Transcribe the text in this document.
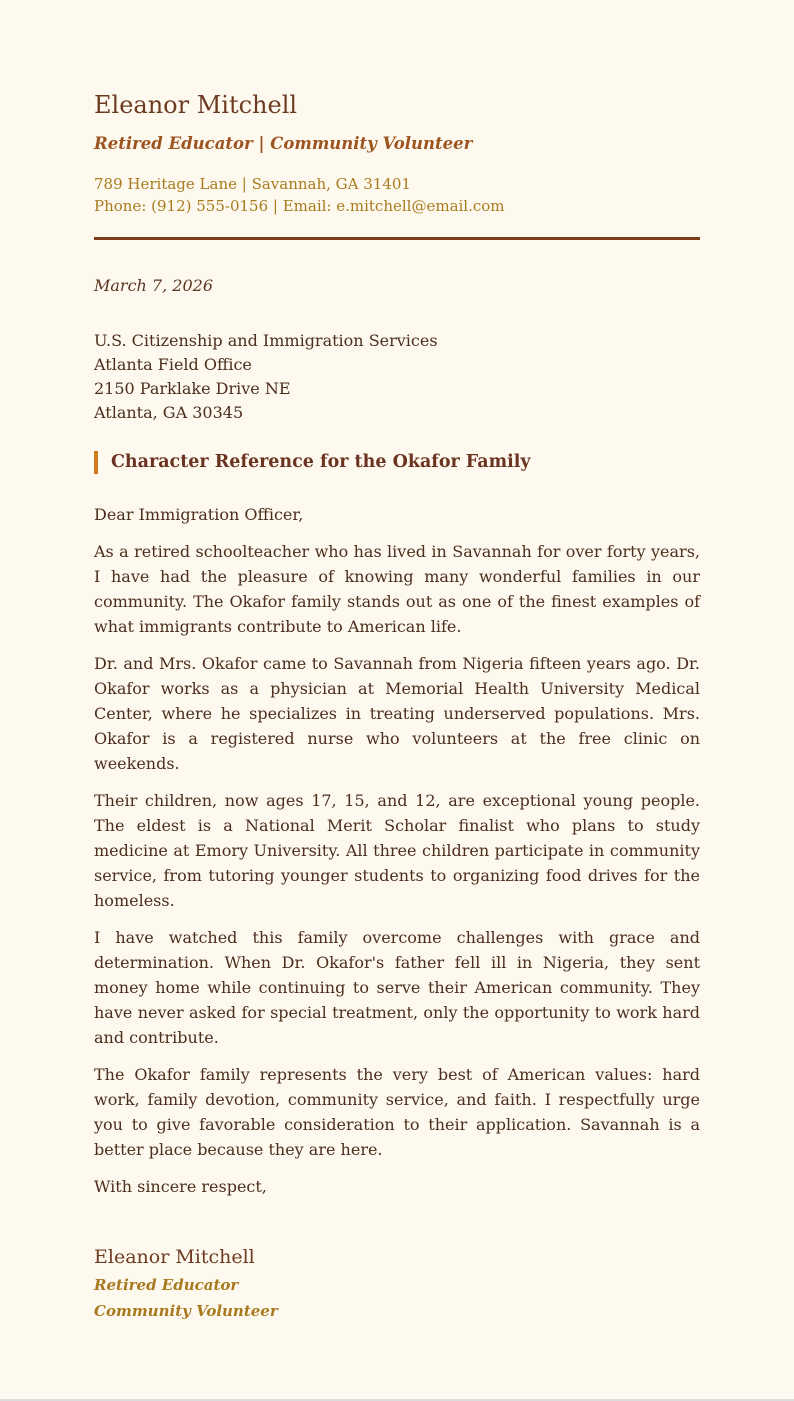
Eleanor Mitchell
Retired Educator | Community Volunteer
789 Heritage Lane | Savannah, GA 31401
Phone: (912) 555-0156 | Email: e.mitchell@email.com
March 7, 2026
U.S. Citizenship and Immigration Services
Atlanta Field Office
2150 Parklake Drive NE
Atlanta, GA 30345
Character Reference for the Okafor Family
Dear Immigration Officer,

As a retired schoolteacher who has lived in Savannah for over forty years, I have had the pleasure of knowing many wonderful families in our community. The Okafor family stands out as one of the finest examples of what immigrants contribute to American life.

Dr. and Mrs. Okafor came to Savannah from Nigeria fifteen years ago. Dr. Okafor works as a physician at Memorial Health University Medical Center, where he specializes in treating underserved populations. Mrs. Okafor is a registered nurse who volunteers at the free clinic on weekends.

Their children, now ages 17, 15, and 12, are exceptional young people. The eldest is a National Merit Scholar finalist who plans to study medicine at Emory University. All three children participate in community service, from tutoring younger students to organizing food drives for the homeless.

I have watched this family overcome challenges with grace and determination. When Dr. Okafor's father fell ill in Nigeria, they sent money home while continuing to serve their American community. They have never asked for special treatment, only the opportunity to work hard and contribute.

The Okafor family represents the very best of American values: hard work, family devotion, community service, and faith. I respectfully urge you to give favorable consideration to their application. Savannah is a better place because they are here.

With sincere respect,
Eleanor Mitchell
Retired Educator
Community Volunteer
